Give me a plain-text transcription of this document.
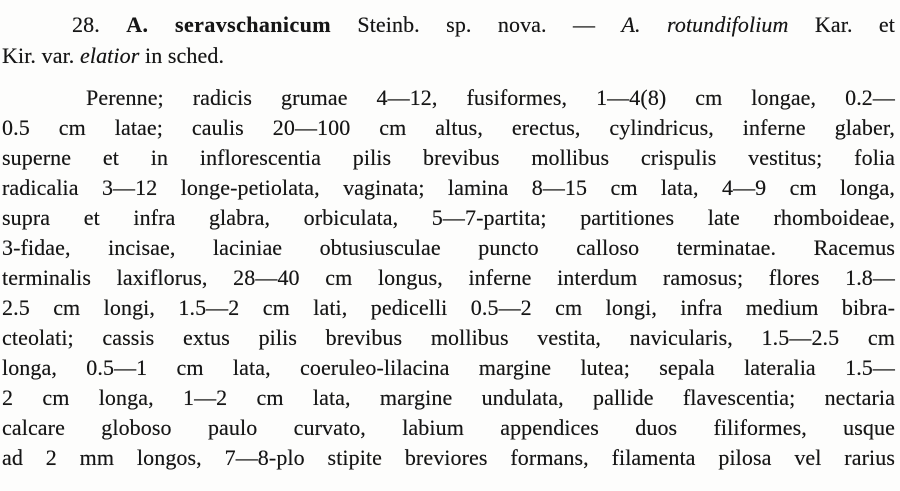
28. A. seravschanicum Steinb. sp. nova. — A. rotundifolium Kar. et
Kir. var. elatior in sched.
Perenne; radicis grumae 4—12, fusiformes, 1—4(8) cm longae, 0.2—
0.5 cm latae; caulis 20—100 cm altus, erectus, cylindricus, inferne glaber,
superne et in inflorescentia pilis brevibus mollibus crispulis vestitus; folia
radicalia 3—12 longe-petiolata, vaginata; lamina 8—15 cm lata, 4—9 cm longa,
supra et infra glabra, orbiculata, 5—7-partita; partitiones late rhomboideae,
3-fidae, incisae, laciniae obtusiusculae puncto calloso terminatae. Racemus
terminalis laxiflorus, 28—40 cm longus, inferne interdum ramosus; flores 1.8—
2.5 cm longi, 1.5—2 cm lati, pedicelli 0.5—2 cm longi, infra medium bibra-
cteolati; cassis extus pilis brevibus mollibus vestita, navicularis, 1.5—2.5 cm
longa, 0.5—1 cm lata, coeruleo-lilacina margine lutea; sepala lateralia 1.5—
2 cm longa, 1—2 cm lata, margine undulata, pallide flavescentia; nectaria
calcare globoso paulo curvato, labium appendices duos filiformes, usque
ad 2 mm longos, 7—8-plo stipite breviores formans, filamenta pilosa vel rarius
